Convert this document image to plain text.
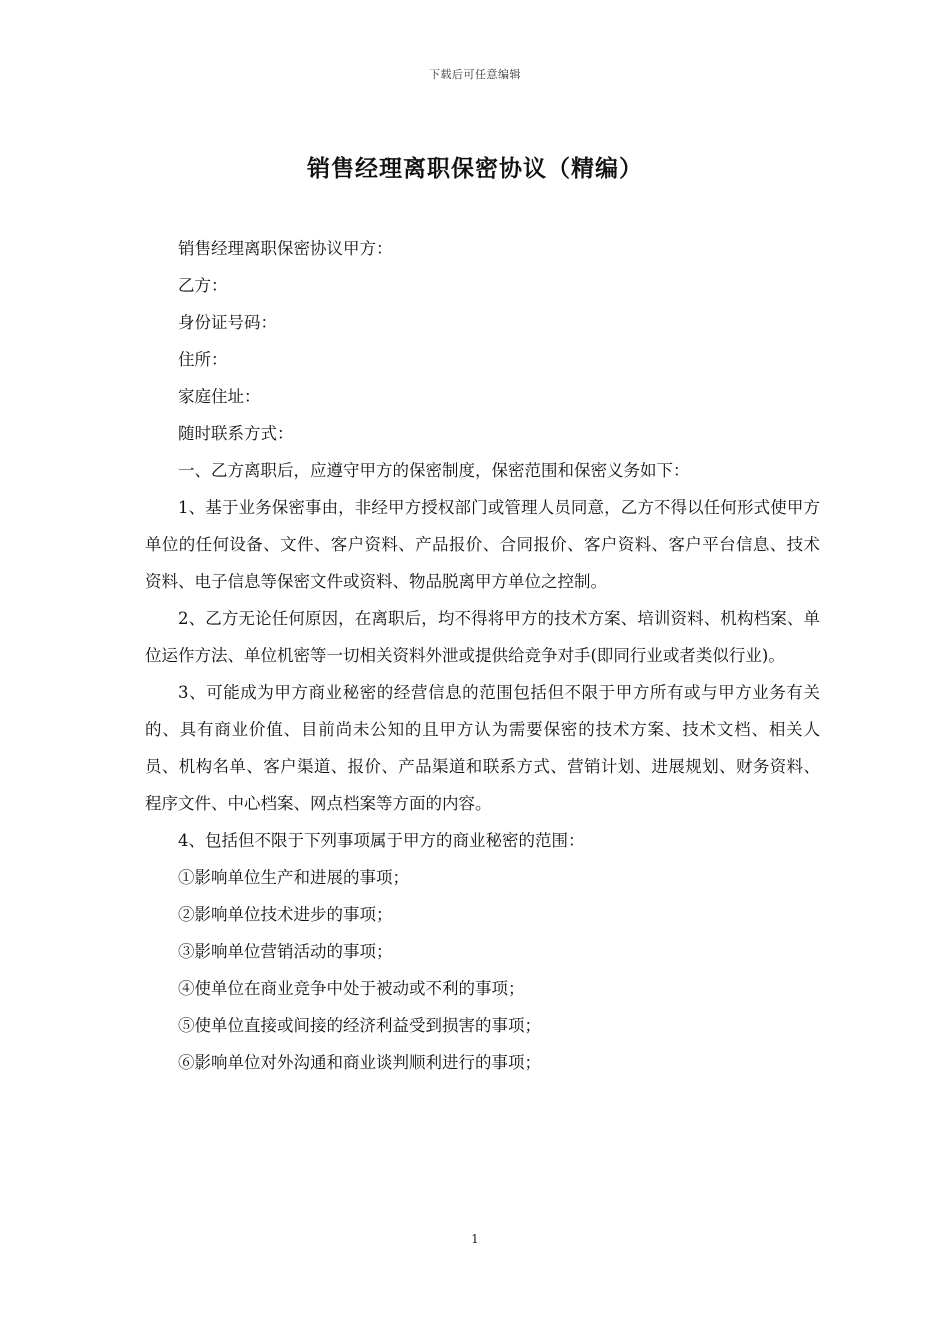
下载后可任意编辑
销售经理离职保密协议（精编）

销售经理离职保密协议甲方：

乙方：

身份证号码：

住所：

家庭住址：

随时联系方式：

一、乙方离职后，应遵守甲方的保密制度，保密范围和保密义务如下：

1、基于业务保密事由，非经甲方授权部门或管理人员同意，乙方不得以任何形式使甲方单位的任何设备、文件、客户资料、产品报价、合同报价、客户资料、客户平台信息、技术资料、电子信息等保密文件或资料、物品脱离甲方单位之控制。

2、乙方无论任何原因，在离职后，均不得将甲方的技术方案、培训资料、机构档案、单位运作方法、单位机密等一切相关资料外泄或提供给竞争对手(即同行业或者类似行业)。

3、可能成为甲方商业秘密的经营信息的范围包括但不限于甲方所有或与甲方业务有关的、具有商业价值、目前尚未公知的且甲方认为需要保密的技术方案、技术文档、相关人员、机构名单、客户渠道、报价、产品渠道和联系方式、营销计划、进展规划、财务资料、程序文件、中心档案、网点档案等方面的内容。

4、包括但不限于下列事项属于甲方的商业秘密的范围：

①影响单位生产和进展的事项；

②影响单位技术进步的事项；

③影响单位营销活动的事项；

④使单位在商业竞争中处于被动或不利的事项；

⑤使单位直接或间接的经济利益受到损害的事项；

⑥影响单位对外沟通和商业谈判顺利进行的事项；

1
